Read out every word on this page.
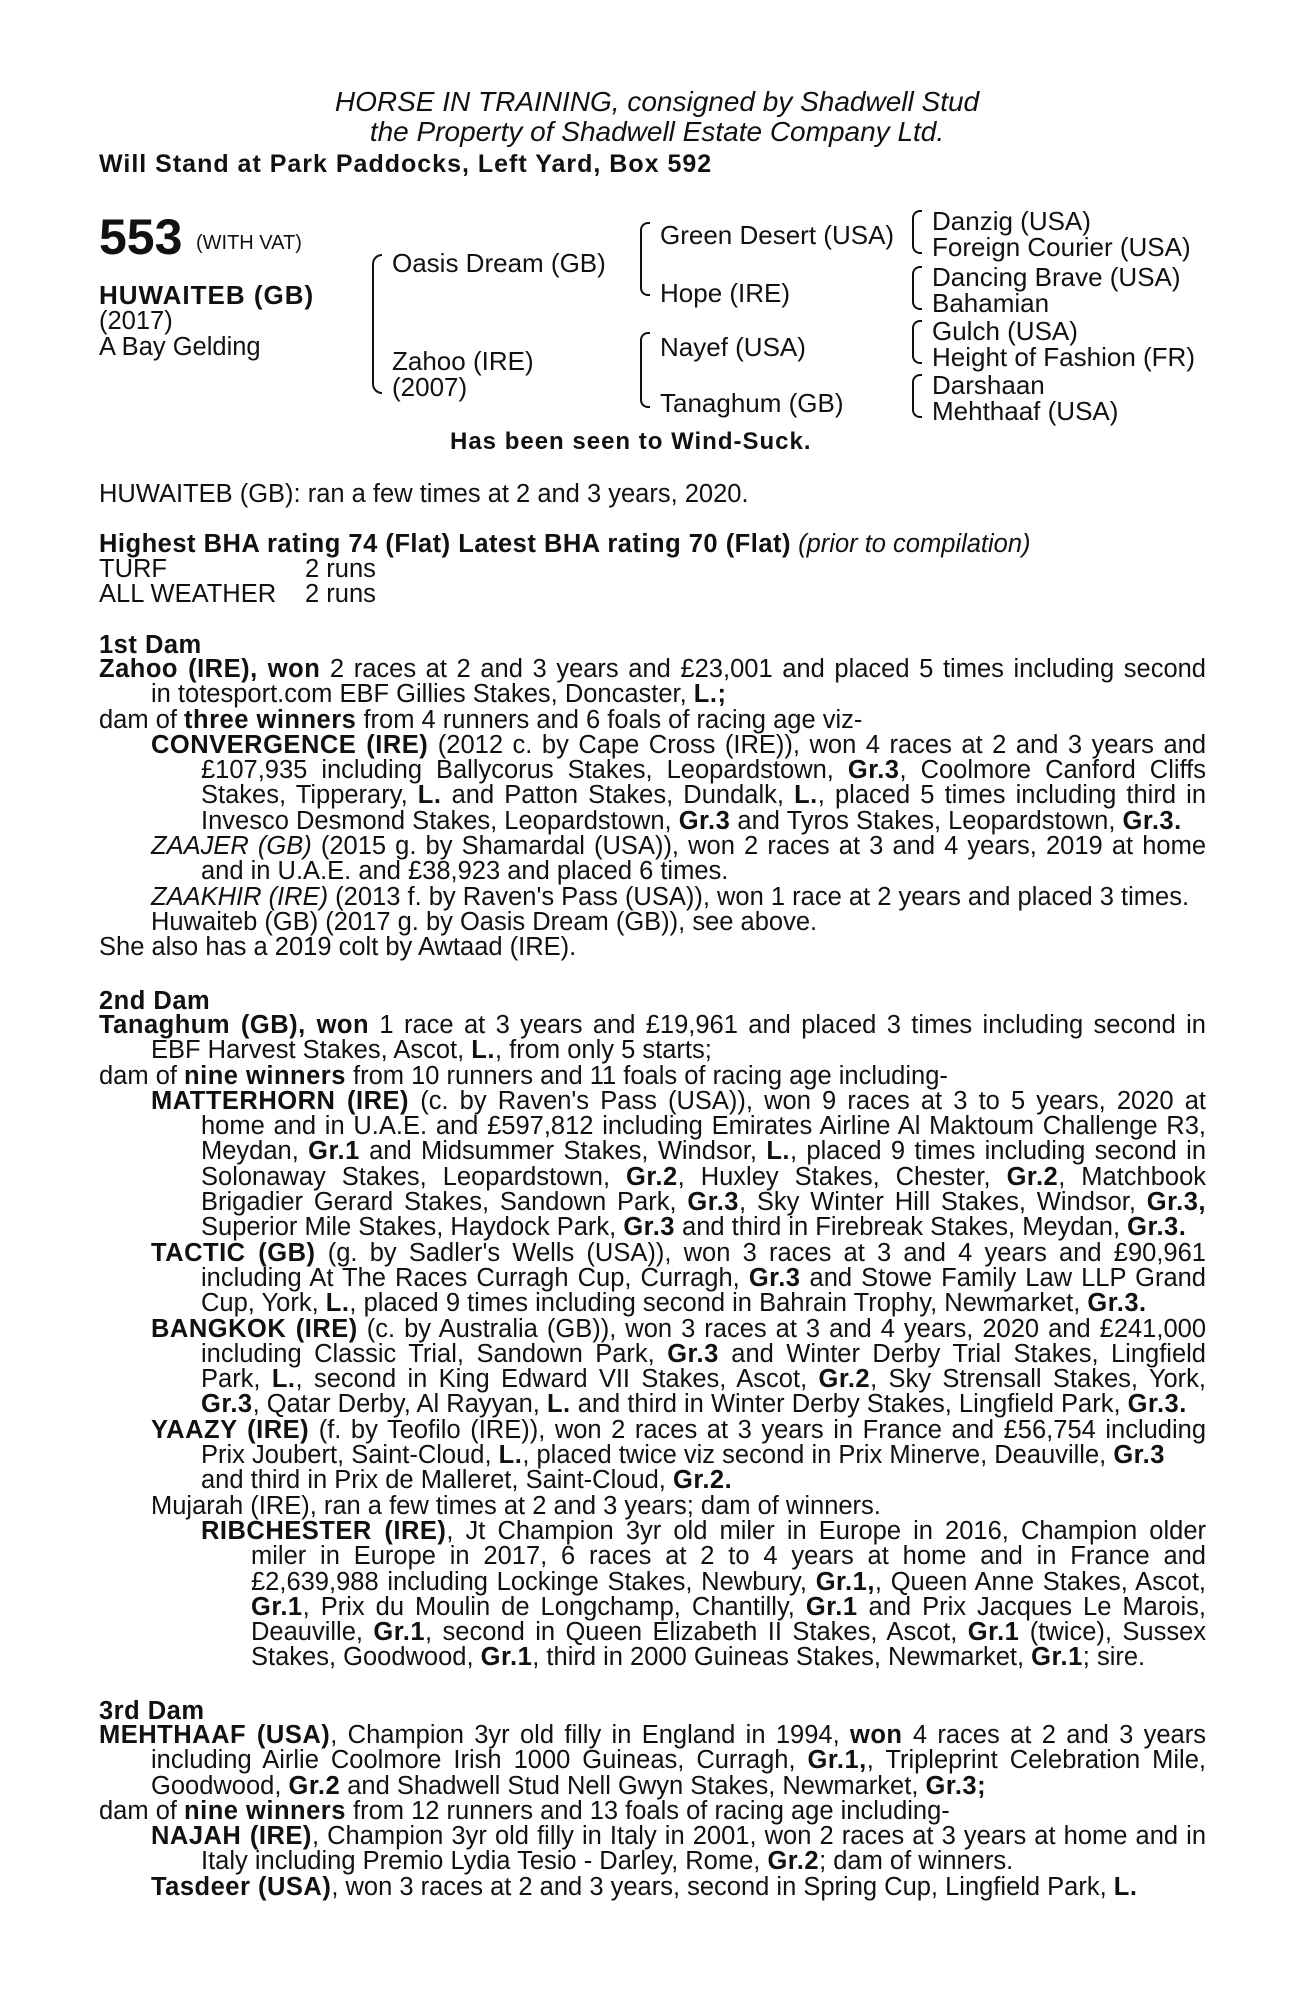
HORSE IN TRAINING, consigned by Shadwell Stud
the Property of Shadwell Estate Company Ltd.
Will Stand at Park Paddocks, Left Yard, Box 592
553 (WITH VAT)
HUWAITEB (GB)
(2017)
A Bay Gelding
Oasis Dream (GB)
Zahoo (IRE)
(2007)
Green Desert (USA)
Hope (IRE)
Nayef (USA)
Tanaghum (GB)
Danzig (USA)
Foreign Courier (USA)
Dancing Brave (USA)
Bahamian
Gulch (USA)
Height of Fashion (FR)
Darshaan
Mehthaaf (USA)
Has been seen to Wind-Suck.
HUWAITEB (GB): ran a few times at 2 and 3 years, 2020.
Highest BHA rating 74 (Flat) Latest BHA rating 70 (Flat) (prior to compilation)
TURF	2 runs
ALL WEATHER 2 runs
1st Dam
Zahoo (IRE), won 2 races at 2 and 3 years and £23,001 and placed 5 times including second
in totesport.com EBF Gillies Stakes, Doncaster, L.;
dam of three winners from 4 runners and 6 foals of racing age viz-
CONVERGENCE (IRE) (2012 c. by Cape Cross (IRE)), won 4 races at 2 and 3 years and
£107,935 including Ballycorus Stakes, Leopardstown, Gr.3, Coolmore Canford Cliffs
Stakes, Tipperary, L. and Patton Stakes, Dundalk, L., placed 5 times including third in
Invesco Desmond Stakes, Leopardstown, Gr.3 and Tyros Stakes, Leopardstown, Gr.3.
ZAAJER (GB) (2015 g. by Shamardal (USA)), won 2 races at 3 and 4 years, 2019 at home
and in U.A.E. and £38,923 and placed 6 times.
ZAAKHIR (IRE) (2013 f. by Raven's Pass (USA)), won 1 race at 2 years and placed 3 times.
Huwaiteb (GB) (2017 g. by Oasis Dream (GB)), see above.
She also has a 2019 colt by Awtaad (IRE).
2nd Dam
Tanaghum (GB), won 1 race at 3 years and £19,961 and placed 3 times including second in
EBF Harvest Stakes, Ascot, L., from only 5 starts;
dam of nine winners from 10 runners and 11 foals of racing age including-
MATTERHORN (IRE) (c. by Raven's Pass (USA)), won 9 races at 3 to 5 years, 2020 at
home and in U.A.E. and £597,812 including Emirates Airline Al Maktoum Challenge R3,
Meydan, Gr.1 and Midsummer Stakes, Windsor, L., placed 9 times including second in
Solonaway Stakes, Leopardstown, Gr.2, Huxley Stakes, Chester, Gr.2, Matchbook
Brigadier Gerard Stakes, Sandown Park, Gr.3, Sky Winter Hill Stakes, Windsor, Gr.3,
Superior Mile Stakes, Haydock Park, Gr.3 and third in Firebreak Stakes, Meydan, Gr.3.
TACTIC (GB) (g. by Sadler's Wells (USA)), won 3 races at 3 and 4 years and £90,961
including At The Races Curragh Cup, Curragh, Gr.3 and Stowe Family Law LLP Grand
Cup, York, L., placed 9 times including second in Bahrain Trophy, Newmarket, Gr.3.
BANGKOK (IRE) (c. by Australia (GB)), won 3 races at 3 and 4 years, 2020 and £241,000
including Classic Trial, Sandown Park, Gr.3 and Winter Derby Trial Stakes, Lingfield
Park, L., second in King Edward VII Stakes, Ascot, Gr.2, Sky Strensall Stakes, York,
Gr.3, Qatar Derby, Al Rayyan, L. and third in Winter Derby Stakes, Lingfield Park, Gr.3.
YAAZY (IRE) (f. by Teofilo (IRE)), won 2 races at 3 years in France and £56,754 including
Prix Joubert, Saint-Cloud, L., placed twice viz second in Prix Minerve, Deauville, Gr.3
and third in Prix de Malleret, Saint-Cloud, Gr.2.
Mujarah (IRE), ran a few times at 2 and 3 years; dam of winners.
RIBCHESTER (IRE), Jt Champion 3yr old miler in Europe in 2016, Champion older
miler in Europe in 2017, 6 races at 2 to 4 years at home and in France and
£2,639,988 including Lockinge Stakes, Newbury, Gr.1,, Queen Anne Stakes, Ascot,
Gr.1, Prix du Moulin de Longchamp, Chantilly, Gr.1 and Prix Jacques Le Marois,
Deauville, Gr.1, second in Queen Elizabeth II Stakes, Ascot, Gr.1 (twice), Sussex
Stakes, Goodwood, Gr.1, third in 2000 Guineas Stakes, Newmarket, Gr.1; sire.
3rd Dam
MEHTHAAF (USA), Champion 3yr old filly in England in 1994, won 4 races at 2 and 3 years
including Airlie Coolmore Irish 1000 Guineas, Curragh, Gr.1,, Tripleprint Celebration Mile,
Goodwood, Gr.2 and Shadwell Stud Nell Gwyn Stakes, Newmarket, Gr.3;
dam of nine winners from 12 runners and 13 foals of racing age including-
NAJAH (IRE), Champion 3yr old filly in Italy in 2001, won 2 races at 3 years at home and in
Italy including Premio Lydia Tesio - Darley, Rome, Gr.2; dam of winners.
Tasdeer (USA), won 3 races at 2 and 3 years, second in Spring Cup, Lingfield Park, L.
